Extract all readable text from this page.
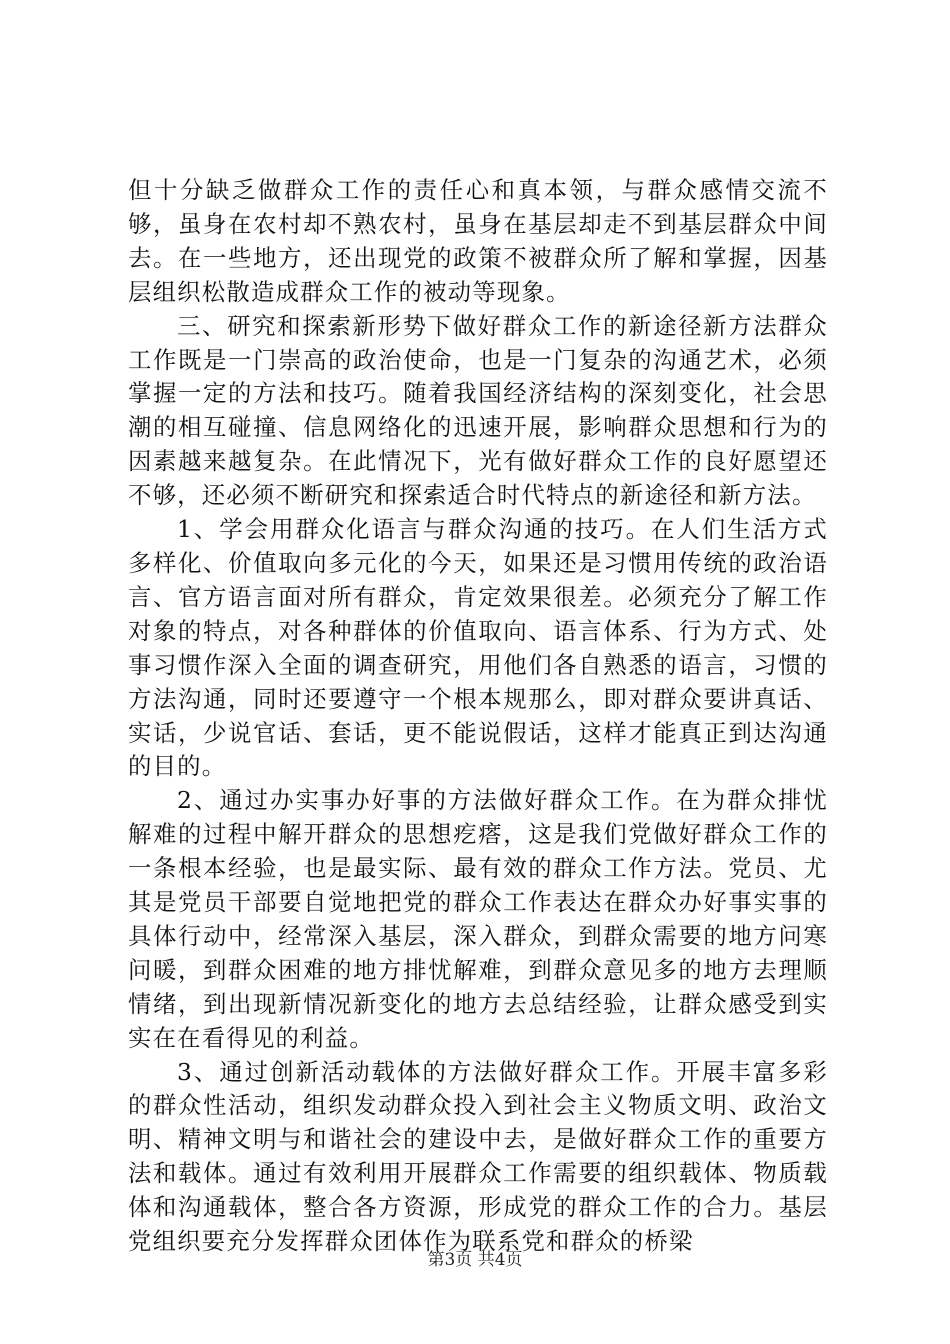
但十分缺乏做群众工作的责任心和真本领，与群众感情交流不够，虽身在农村却不熟农村，虽身在基层却走不到基层群众中间去。在一些地方，还出现党的政策不被群众所了解和掌握，因基层组织松散造成群众工作的被动等现象。

三、研究和探索新形势下做好群众工作的新途径新方法群众工作既是一门崇高的政治使命，也是一门复杂的沟通艺术，必须掌握一定的方法和技巧。随着我国经济结构的深刻变化，社会思潮的相互碰撞、信息网络化的迅速开展，影响群众思想和行为的因素越来越复杂。在此情况下，光有做好群众工作的良好愿望还不够，还必须不断研究和探索适合时代特点的新途径和新方法。

1、学会用群众化语言与群众沟通的技巧。在人们生活方式多样化、价值取向多元化的今天，如果还是习惯用传统的政治语言、官方语言面对所有群众，肯定效果很差。必须充分了解工作对象的特点，对各种群体的价值取向、语言体系、行为方式、处事习惯作深入全面的调查研究，用他们各自熟悉的语言，习惯的方法沟通，同时还要遵守一个根本规那么，即对群众要讲真话、实话，少说官话、套话，更不能说假话，这样才能真正到达沟通的目的。

2、通过办实事办好事的方法做好群众工作。在为群众排忧解难的过程中解开群众的思想疙瘩，这是我们党做好群众工作的一条根本经验，也是最实际、最有效的群众工作方法。党员、尤其是党员干部要自觉地把党的群众工作表达在群众办好事实事的具体行动中，经常深入基层，深入群众，到群众需要的地方问寒问暖，到群众困难的地方排忧解难，到群众意见多的地方去理顺情绪，到出现新情况新变化的地方去总结经验，让群众感受到实实在在看得见的利益。

3、通过创新活动载体的方法做好群众工作。开展丰富多彩的群众性活动，组织发动群众投入到社会主义物质文明、政治文明、精神文明与和谐社会的建设中去，是做好群众工作的重要方法和载体。通过有效利用开展群众工作需要的组织载体、物质载体和沟通载体，整合各方资源，形成党的群众工作的合力。基层党组织要充分发挥群众团体作为联系党和群众的桥梁

第3页 共4页
